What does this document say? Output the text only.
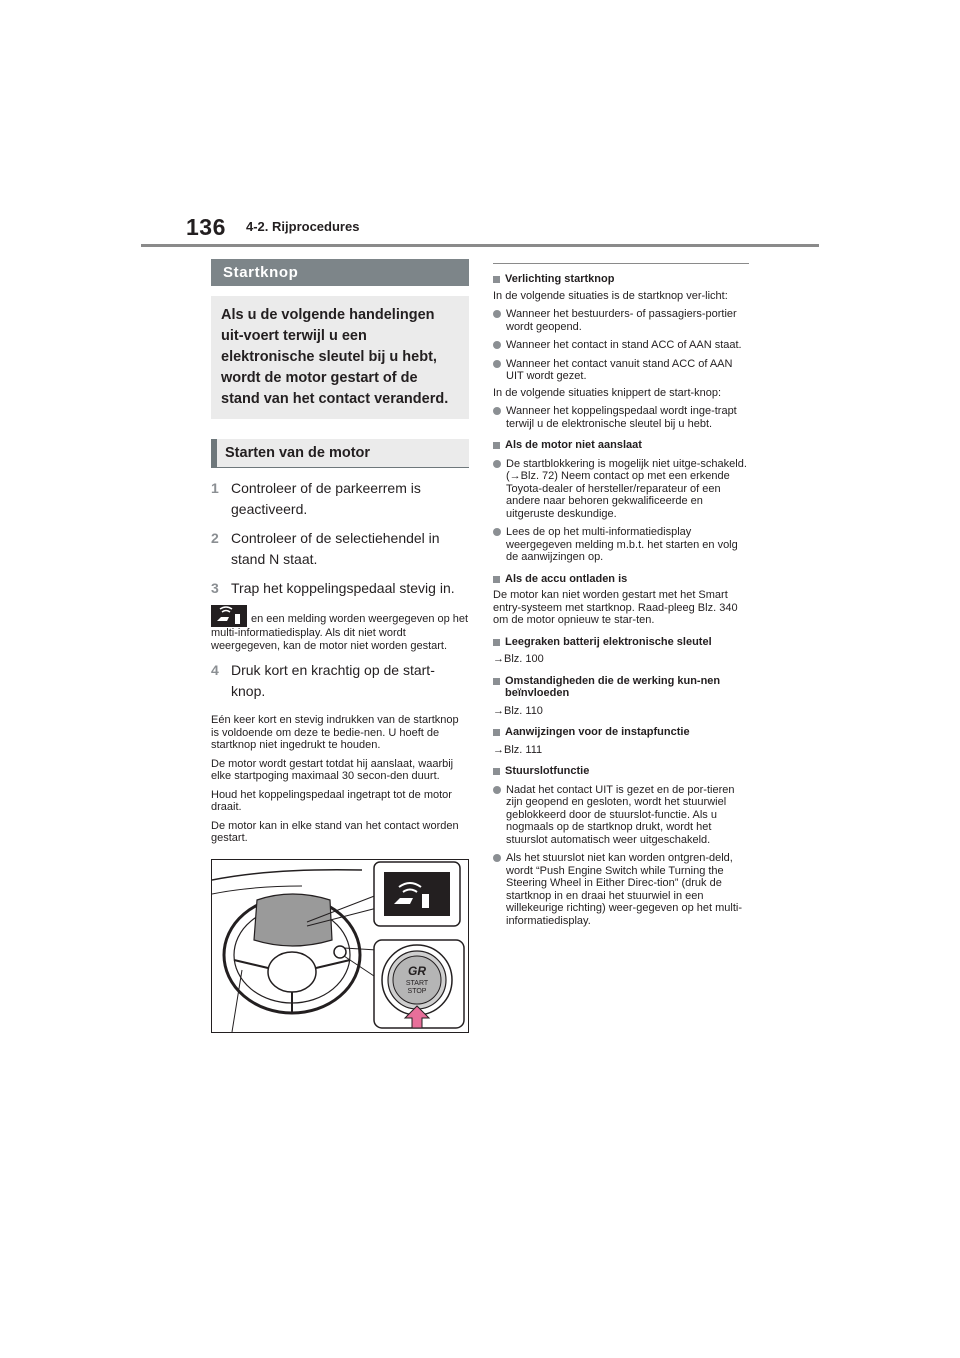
136 4-2. Rijprocedures
Startknop
Als u de volgende handelingen uit-voert terwijl u een elektronische sleutel bij u hebt, wordt de motor gestart of de stand van het contact veranderd.
Starten van de motor
1 Controleer of de parkeerrem is geactiveerd.
2 Controleer of de selectiehendel in stand N staat.
3 Trap het koppelingspedaal stevig in.
en een melding worden weergegeven op het multi-informatiedisplay. Als dit niet wordt weergegeven, kan de motor niet worden gestart.
4 Druk kort en krachtig op de start-knop.
Eén keer kort en stevig indrukken van de startknop is voldoende om deze te bedie-nen. U hoeft de startknop niet ingedrukt te houden.
De motor wordt gestart totdat hij aanslaat, waarbij elke startpoging maximaal 30 secon-den duurt.
Houd het koppelingspedaal ingetrapt tot de motor draait.
De motor kan in elke stand van het contact worden gestart.
GR
START
STOP
Verlichting startknop
In de volgende situaties is de startknop ver-licht:
Wanneer het bestuurders- of passagiers-portier wordt geopend.
Wanneer het contact in stand ACC of AAN staat.
Wanneer het contact vanuit stand ACC of AAN UIT wordt gezet.
In de volgende situaties knippert de start-knop:
Wanneer het koppelingspedaal wordt inge-trapt terwijl u de elektronische sleutel bij u hebt.
Als de motor niet aanslaat
De startblokkering is mogelijk niet uitge-schakeld. (→Blz. 72) Neem contact op met een erkende Toyota-dealer of hersteller/reparateur of een andere naar behoren gekwalificeerde en uitgeruste deskundige.
Lees de op het multi-informatiedisplay weergegeven melding m.b.t. het starten en volg de aanwijzingen op.
Als de accu ontladen is
De motor kan niet worden gestart met het Smart entry-systeem met startknop. Raad-pleeg Blz. 340 om de motor opnieuw te star-ten.
Leegraken batterij elektronische sleutel
→Blz. 100
Omstandigheden die de werking kun-nen beïnvloeden
→Blz. 110
Aanwijzingen voor de instapfunctie
→Blz. 111
Stuurslotfunctie
Nadat het contact UIT is gezet en de por-tieren zijn geopend en gesloten, wordt het stuurwiel geblokkeerd door de stuurslot-functie. Als u nogmaals op de startknop drukt, wordt het stuurslot automatisch weer uitgeschakeld.
Als het stuurslot niet kan worden ontgren-deld, wordt “Push Engine Switch while Turning the Steering Wheel in Either Direc-tion” (druk de startknop in en draai het stuurwiel in een willekeurige richting) weer-gegeven op het multi-informatiedisplay.
